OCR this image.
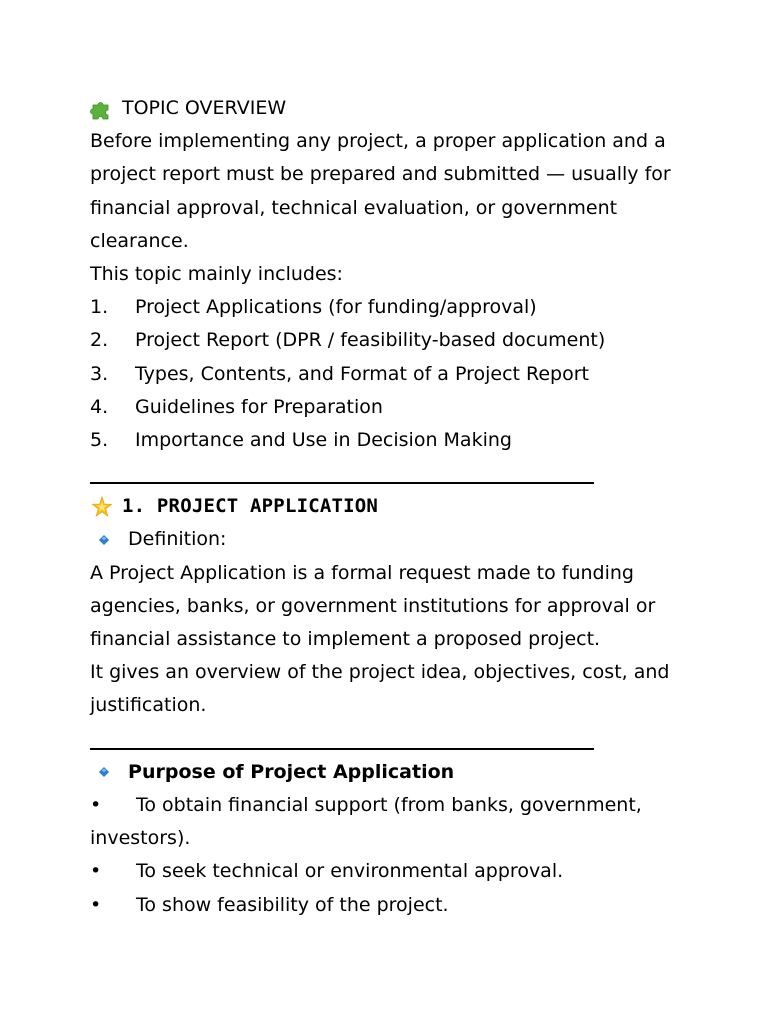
TOPIC OVERVIEW
Before implementing any project, a proper application and a
project report must be prepared and submitted — usually for
financial approval, technical evaluation, or government
clearance.
This topic mainly includes:
1.	Project Applications (for funding/approval)
2.	Project Report (DPR / feasibility-based document)
3.	Types, Contents, and Format of a Project Report
4.	Guidelines for Preparation
5.	Importance and Use in Decision Making
1. PROJECT APPLICATION
Definition:
A Project Application is a formal request made to funding
agencies, banks, or government institutions for approval or
financial assistance to implement a proposed project.
It gives an overview of the project idea, objectives, cost, and
justification.
Purpose of Project Application
•	To obtain financial support (from banks, government,
investors).
•	To seek technical or environmental approval.
•	To show feasibility of the project.
